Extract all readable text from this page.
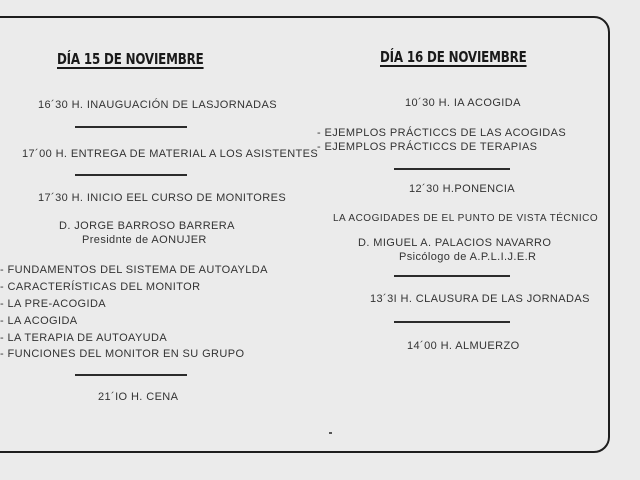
DÍA 15 DE NOVIEMBRE
16´30 H. INAUGUACIÓN DE LASJORNADAS
17´00 H. ENTREGA DE MATERIAL A LOS ASISTENTES
17´30 H. INICIO EEL CURSO DE MONITORES
D. JORGE BARROSO BARRERA
Presidnte de AONUJER
- FUNDAMENTOS DEL SISTEMA DE AUTOAYLDA
- CARACTERÍSTICAS DEL MONITOR
- LA PRE-ACOGIDA
- LA ACOGIDA
- LA TERAPIA DE AUTOAYUDA
- FUNCIONES DEL MONITOR EN SU GRUPO
21´IO H. CENA
DÍA 16 DE NOVIEMBRE
10´30 H. IA ACOGIDA
- EJEMPLOS PRÁCTICCS DE LAS ACOGIDAS
- EJEMPLOS PRÁCTICCS DE TERAPIAS
12´30 H.PONENCIA
LA ACOGIDADES DE EL PUNTO DE VISTA TÉCNICO
D. MIGUEL A. PALACIOS NAVARRO
Psicólogo de A.P.L.I.J.E.R
13´3I H. CLAUSURA DE LAS JORNADAS
14´00 H. ALMUERZO
